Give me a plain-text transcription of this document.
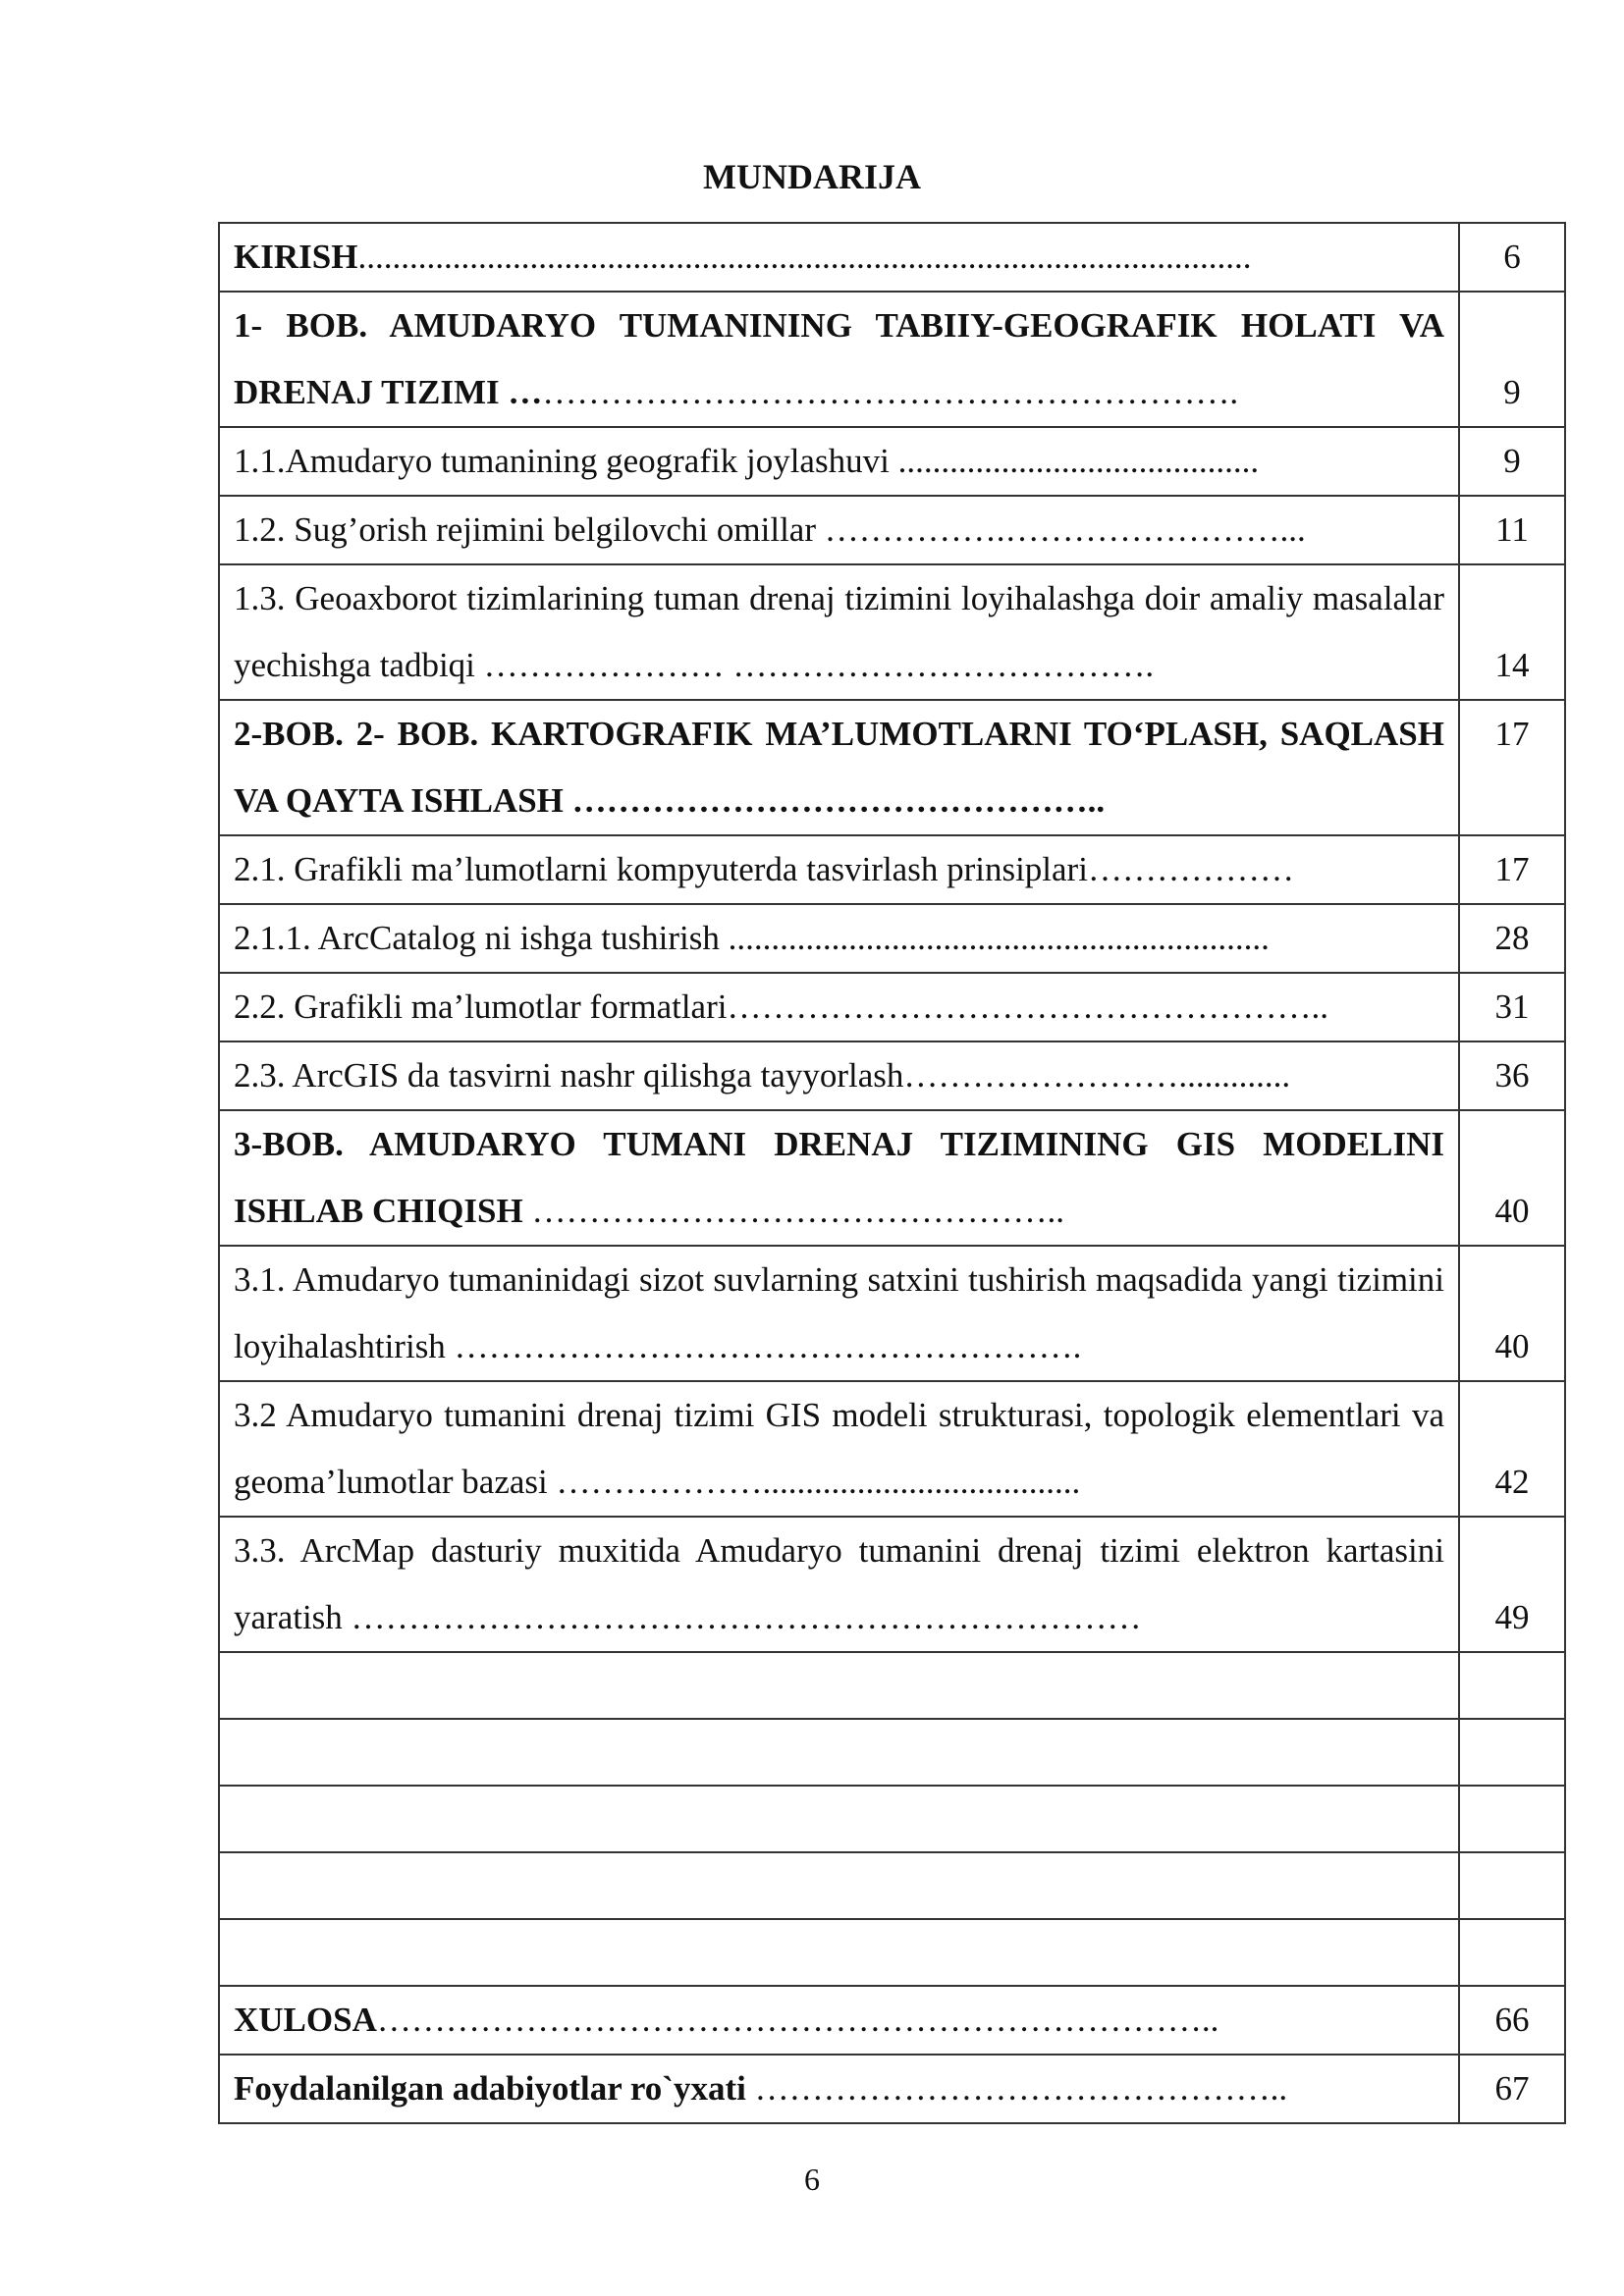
MUNDARIJA
KIRISH........................................................................................................	6

1- BOB. AMUDARYO TUMANINING TABIIY-GEOGRAFIK HOLATI VA DRENAJ TIZIMI ……………………………………………………….	9

1.1.Amudaryo tumanining geografik joylashuvi ..........................................	9

1.2. Sug’orish rejimini belgilovchi omillar …………….……………………...	11

1.3. Geoaxborot tizimlarining tuman drenaj tizimini loyihalashga doir amaliy masalalar yechishga tadbiqi ………………… ……………………………….	14

2-BOB. 2- BOB. KARTOGRAFIK MA’LUMOTLARNI TO‘PLASH, SAQLASH VA QAYTA ISHLASH ………………………………………..	17

2.1. Grafikli ma’lumotlarni kompyuterda tasvirlash prinsiplari………………	17

2.1.1. ArcCatalog ni ishga tushirish ...............................................................	28

2.2. Grafikli ma’lumotlar formatlari……………………………………………..	31

2.3. ArcGIS da tasvirni nashr qilishga tayyorlash…………………….............	36

3-BOB. AMUDARYO TUMANI DRENAJ TIZIMINING GIS MODELINI ISHLAB CHIQISH ………………………………………..	40

3.1. Amudaryo tumaninidagi sizot suvlarning satxini tushirish maqsadida yangi tizimini loyihalashtirish ……………………………………………….	40

3.2 Amudaryo tumanini drenaj tizimi GIS modeli strukturasi, topologik elementlari va geoma’lumotlar bazasi ……………….....................................	42

3.3. ArcMap dasturiy muxitida Amudaryo tumanini drenaj tizimi elektron kartasini yaratish ……………………………………………………………	49

XULOSA………………………………………………………………..	66

Foydalanilgan adabiyotlar ro`yxati ………………………………………..	67
6
